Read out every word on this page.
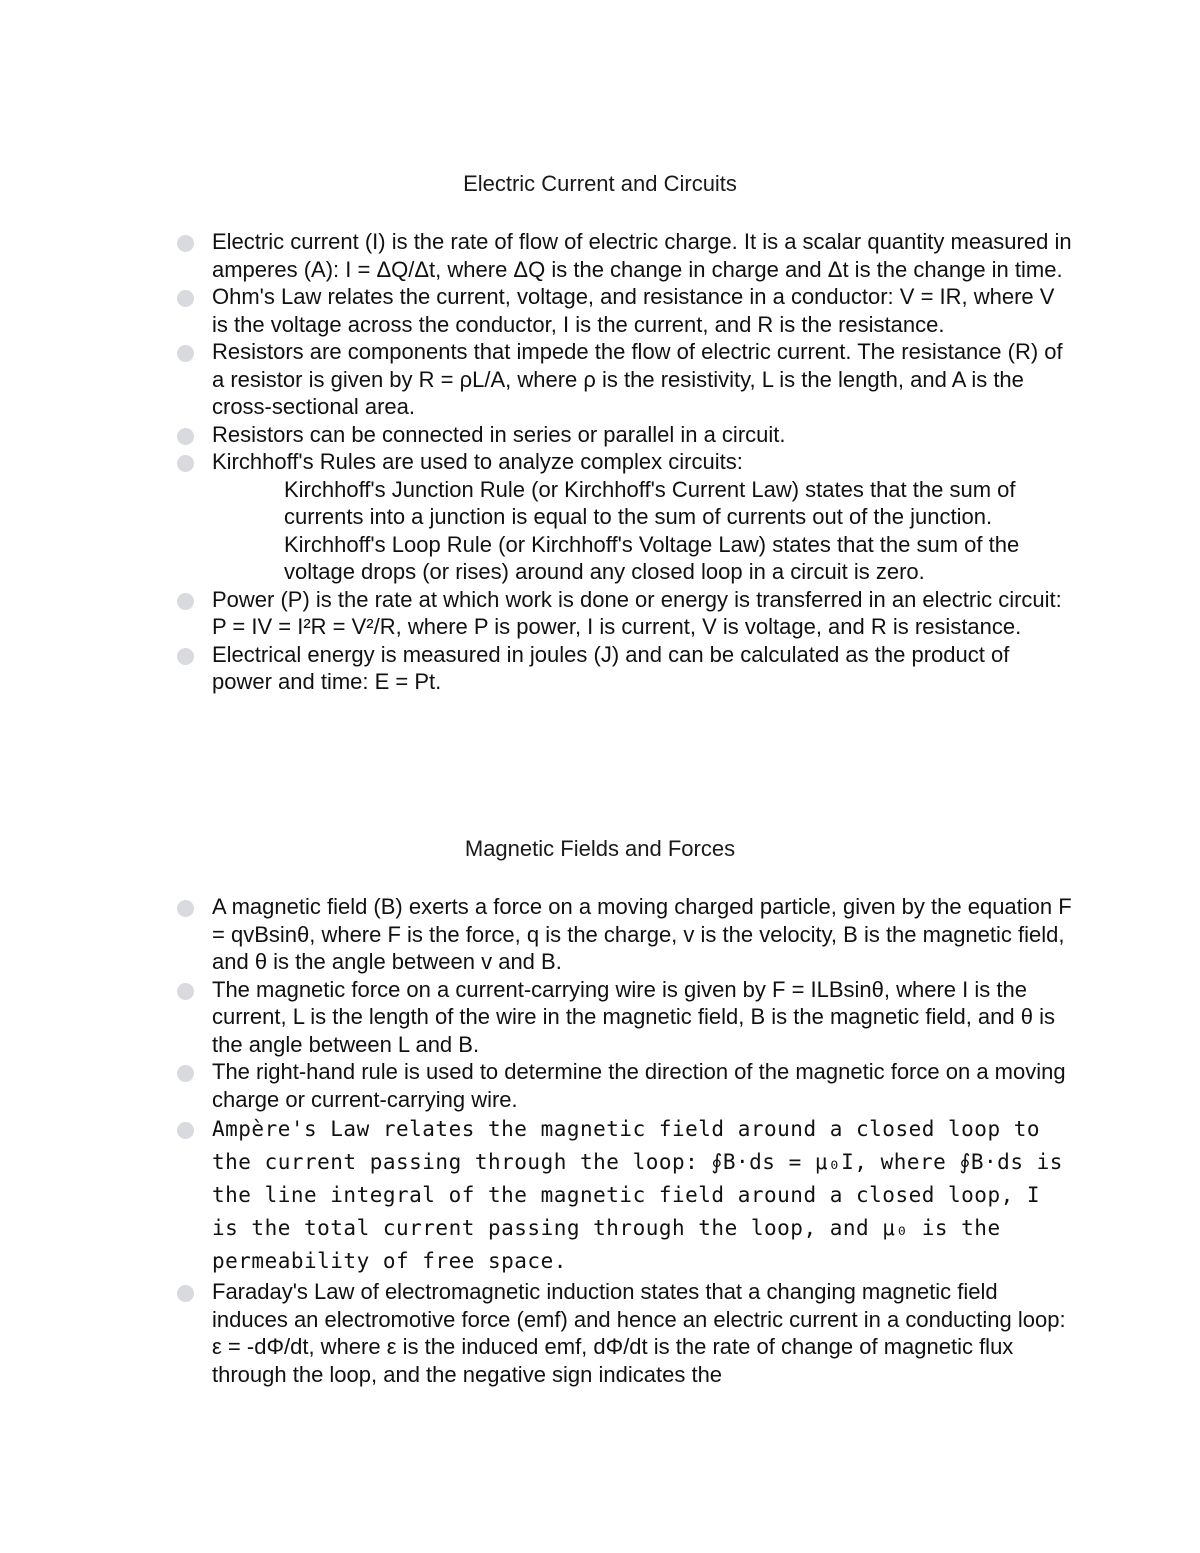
Electric Current and Circuits
Electric current (I) is the rate of flow of electric charge. It is a scalar quantity measured in amperes (A): I = ΔQ/Δt, where ΔQ is the change in charge and Δt is the change in time.
Ohm's Law relates the current, voltage, and resistance in a conductor: V = IR, where V is the voltage across the conductor, I is the current, and R is the resistance.
Resistors are components that impede the flow of electric current. The resistance (R) of a resistor is given by R = ρL/A, where ρ is the resistivity, L is the length, and A is the cross-sectional area.
Resistors can be connected in series or parallel in a circuit.
Kirchhoff's Rules are used to analyze complex circuits:
Kirchhoff's Junction Rule (or Kirchhoff's Current Law) states that the sum of currents into a junction is equal to the sum of currents out of the junction.
Kirchhoff's Loop Rule (or Kirchhoff's Voltage Law) states that the sum of the voltage drops (or rises) around any closed loop in a circuit is zero.
Power (P) is the rate at which work is done or energy is transferred in an electric circuit: P = IV = I²R = V²/R, where P is power, I is current, V is voltage, and R is resistance.
Electrical energy is measured in joules (J) and can be calculated as the product of power and time: E = Pt.
Magnetic Fields and Forces
A magnetic field (B) exerts a force on a moving charged particle, given by the equation F = qvBsinθ, where F is the force, q is the charge, v is the velocity, B is the magnetic field, and θ is the angle between v and B.
The magnetic force on a current-carrying wire is given by F = ILBsinθ, where I is the current, L is the length of the wire in the magnetic field, B is the magnetic field, and θ is the angle between L and B.
The right-hand rule is used to determine the direction of the magnetic force on a moving charge or current-carrying wire.
Ampère's Law relates the magnetic field around a closed loop to the current passing through the loop: ∮B·ds = μ₀I, where ∮B·ds is the line integral of the magnetic field around a closed loop, I is the total current passing through the loop, and μ₀ is the permeability of free space.
Faraday's Law of electromagnetic induction states that a changing magnetic field induces an electromotive force (emf) and hence an electric current in a conducting loop: ε = -dΦ/dt, where ε is the induced emf, dΦ/dt is the rate of change of magnetic flux through the loop, and the negative sign indicates the
